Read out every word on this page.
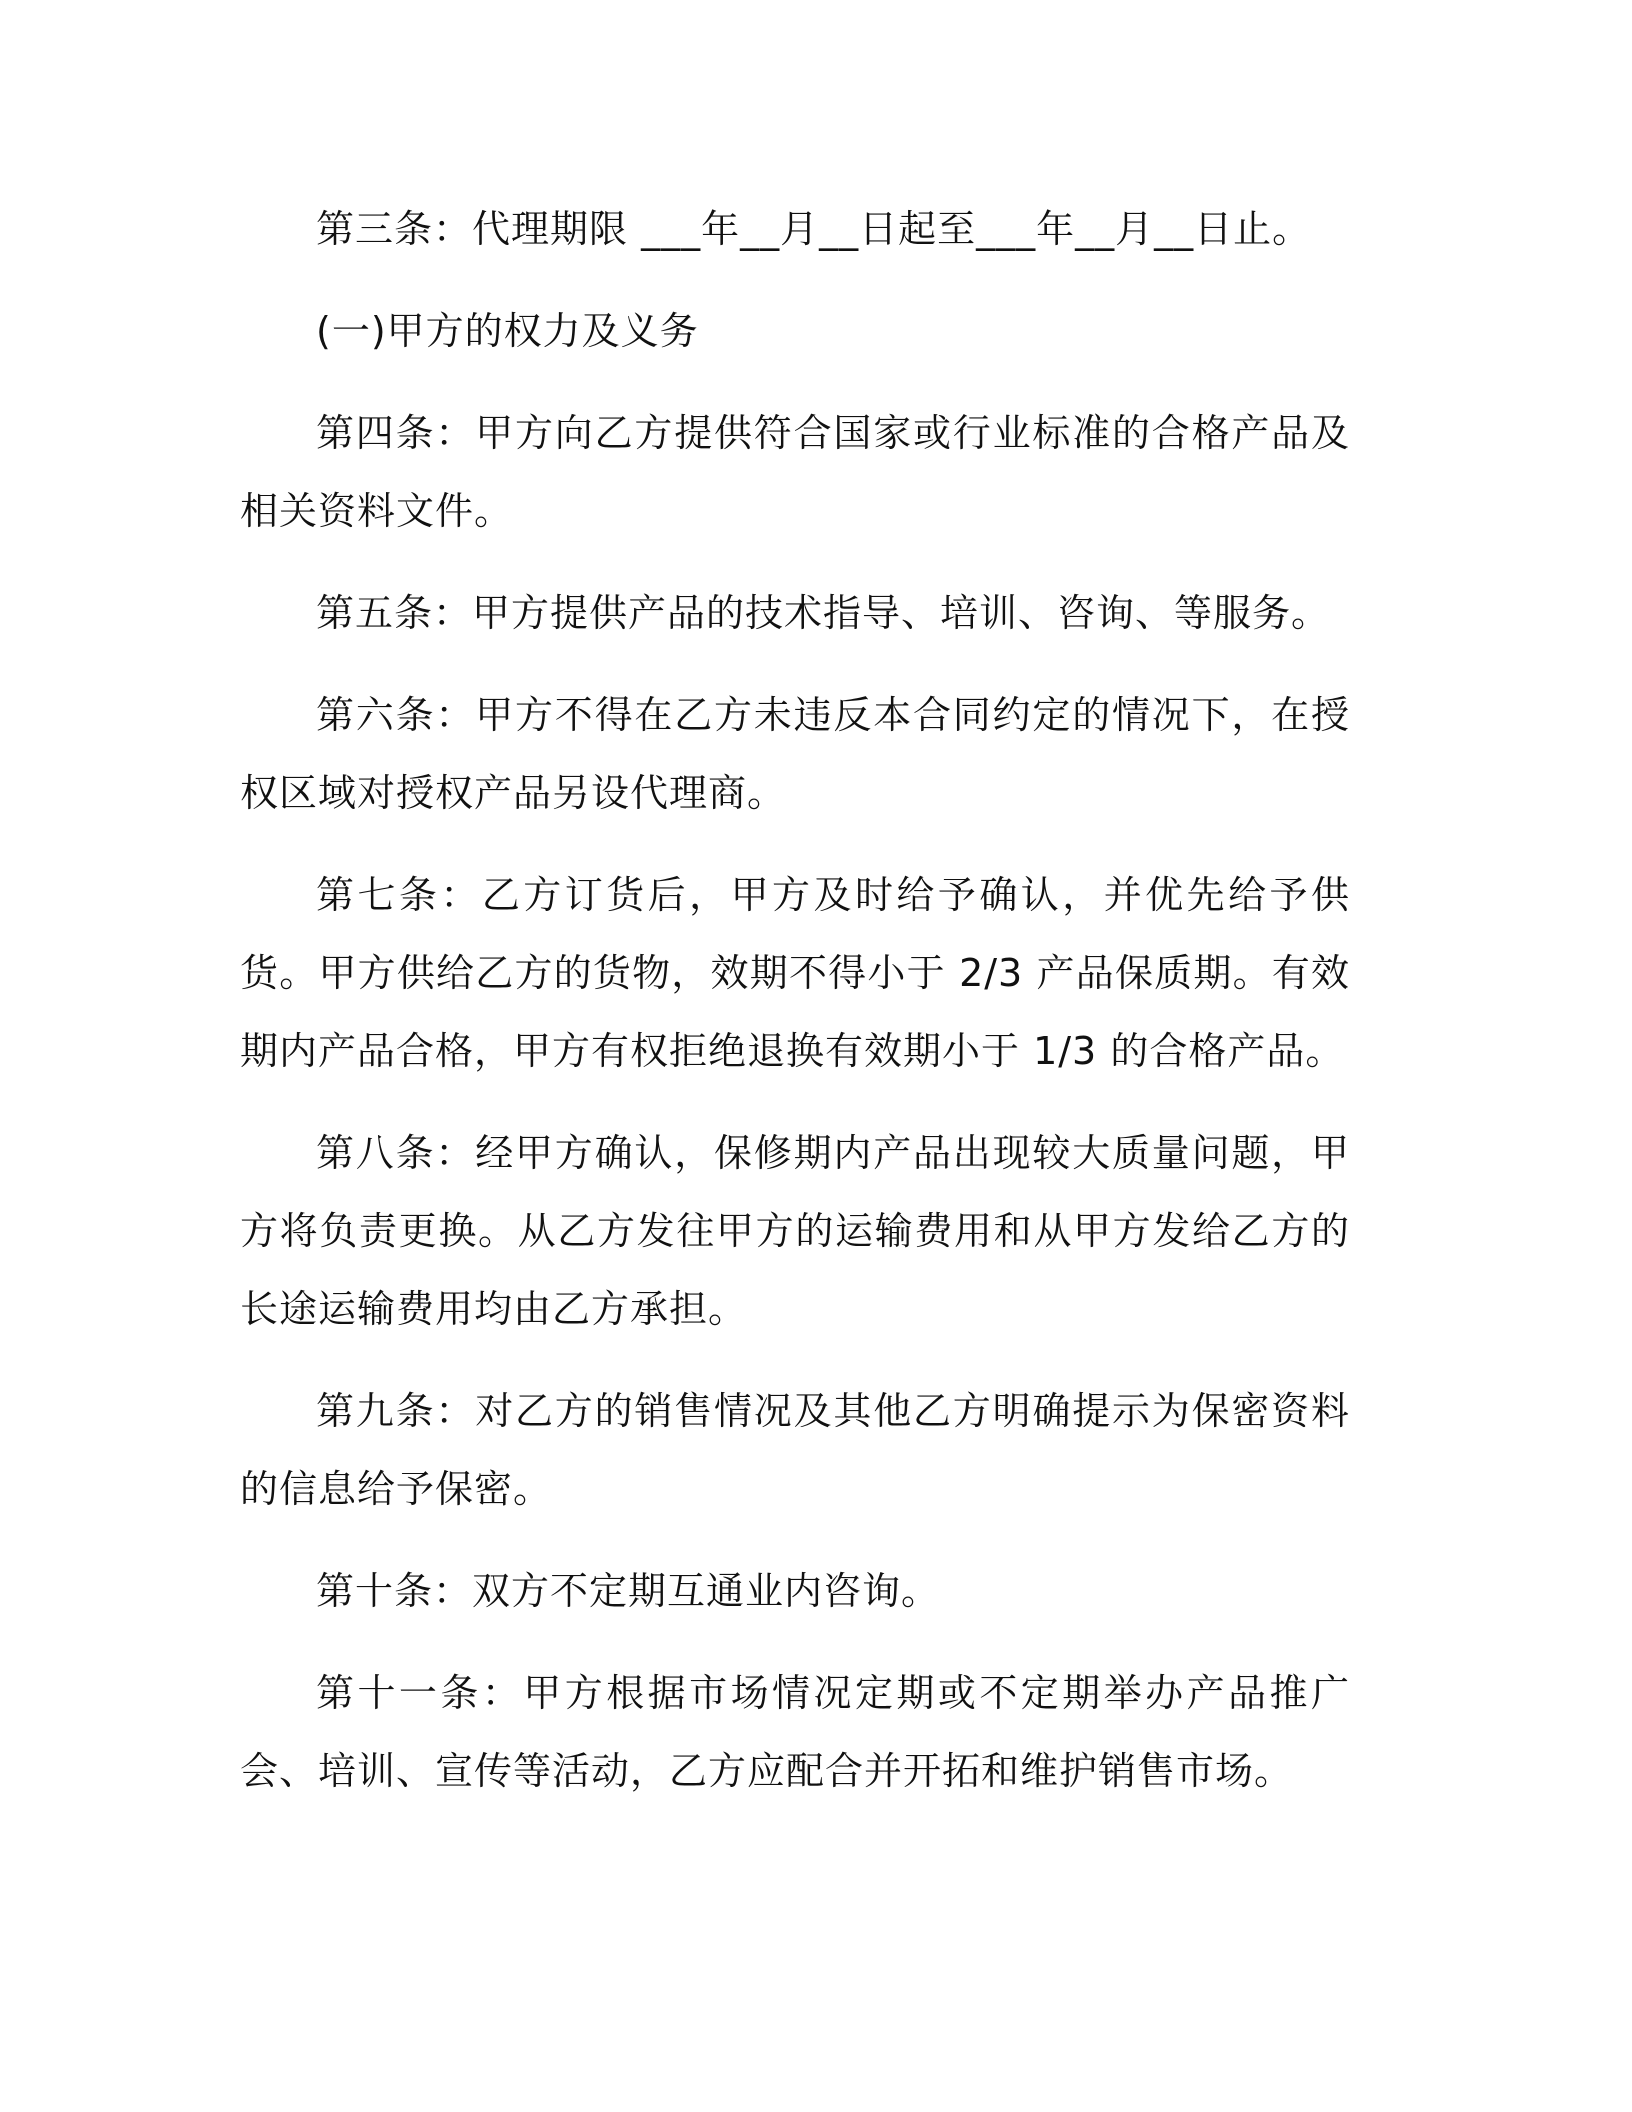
第三条：代理期限 ___年__月__日起至___年__月__日止。

(一)甲方的权力及义务

第四条：甲方向乙方提供符合国家或行业标准的合格产品及相关资料文件。

第五条：甲方提供产品的技术指导、培训、咨询、等服务。

第六条：甲方不得在乙方未违反本合同约定的情况下，在授权区域对授权产品另设代理商。

第七条：乙方订货后，甲方及时给予确认，并优先给予供货。甲方供给乙方的货物，效期不得小于 2/3 产品保质期。有效期内产品合格，甲方有权拒绝退换有效期小于 1/3 的合格产品。

第八条：经甲方确认，保修期内产品出现较大质量问题，甲方将负责更换。从乙方发往甲方的运输费用和从甲方发给乙方的长途运输费用均由乙方承担。

第九条：对乙方的销售情况及其他乙方明确提示为保密资料的信息给予保密。

第十条：双方不定期互通业内咨询。

第十一条：甲方根据市场情况定期或不定期举办产品推广会、培训、宣传等活动，乙方应配合并开拓和维护销售市场。
